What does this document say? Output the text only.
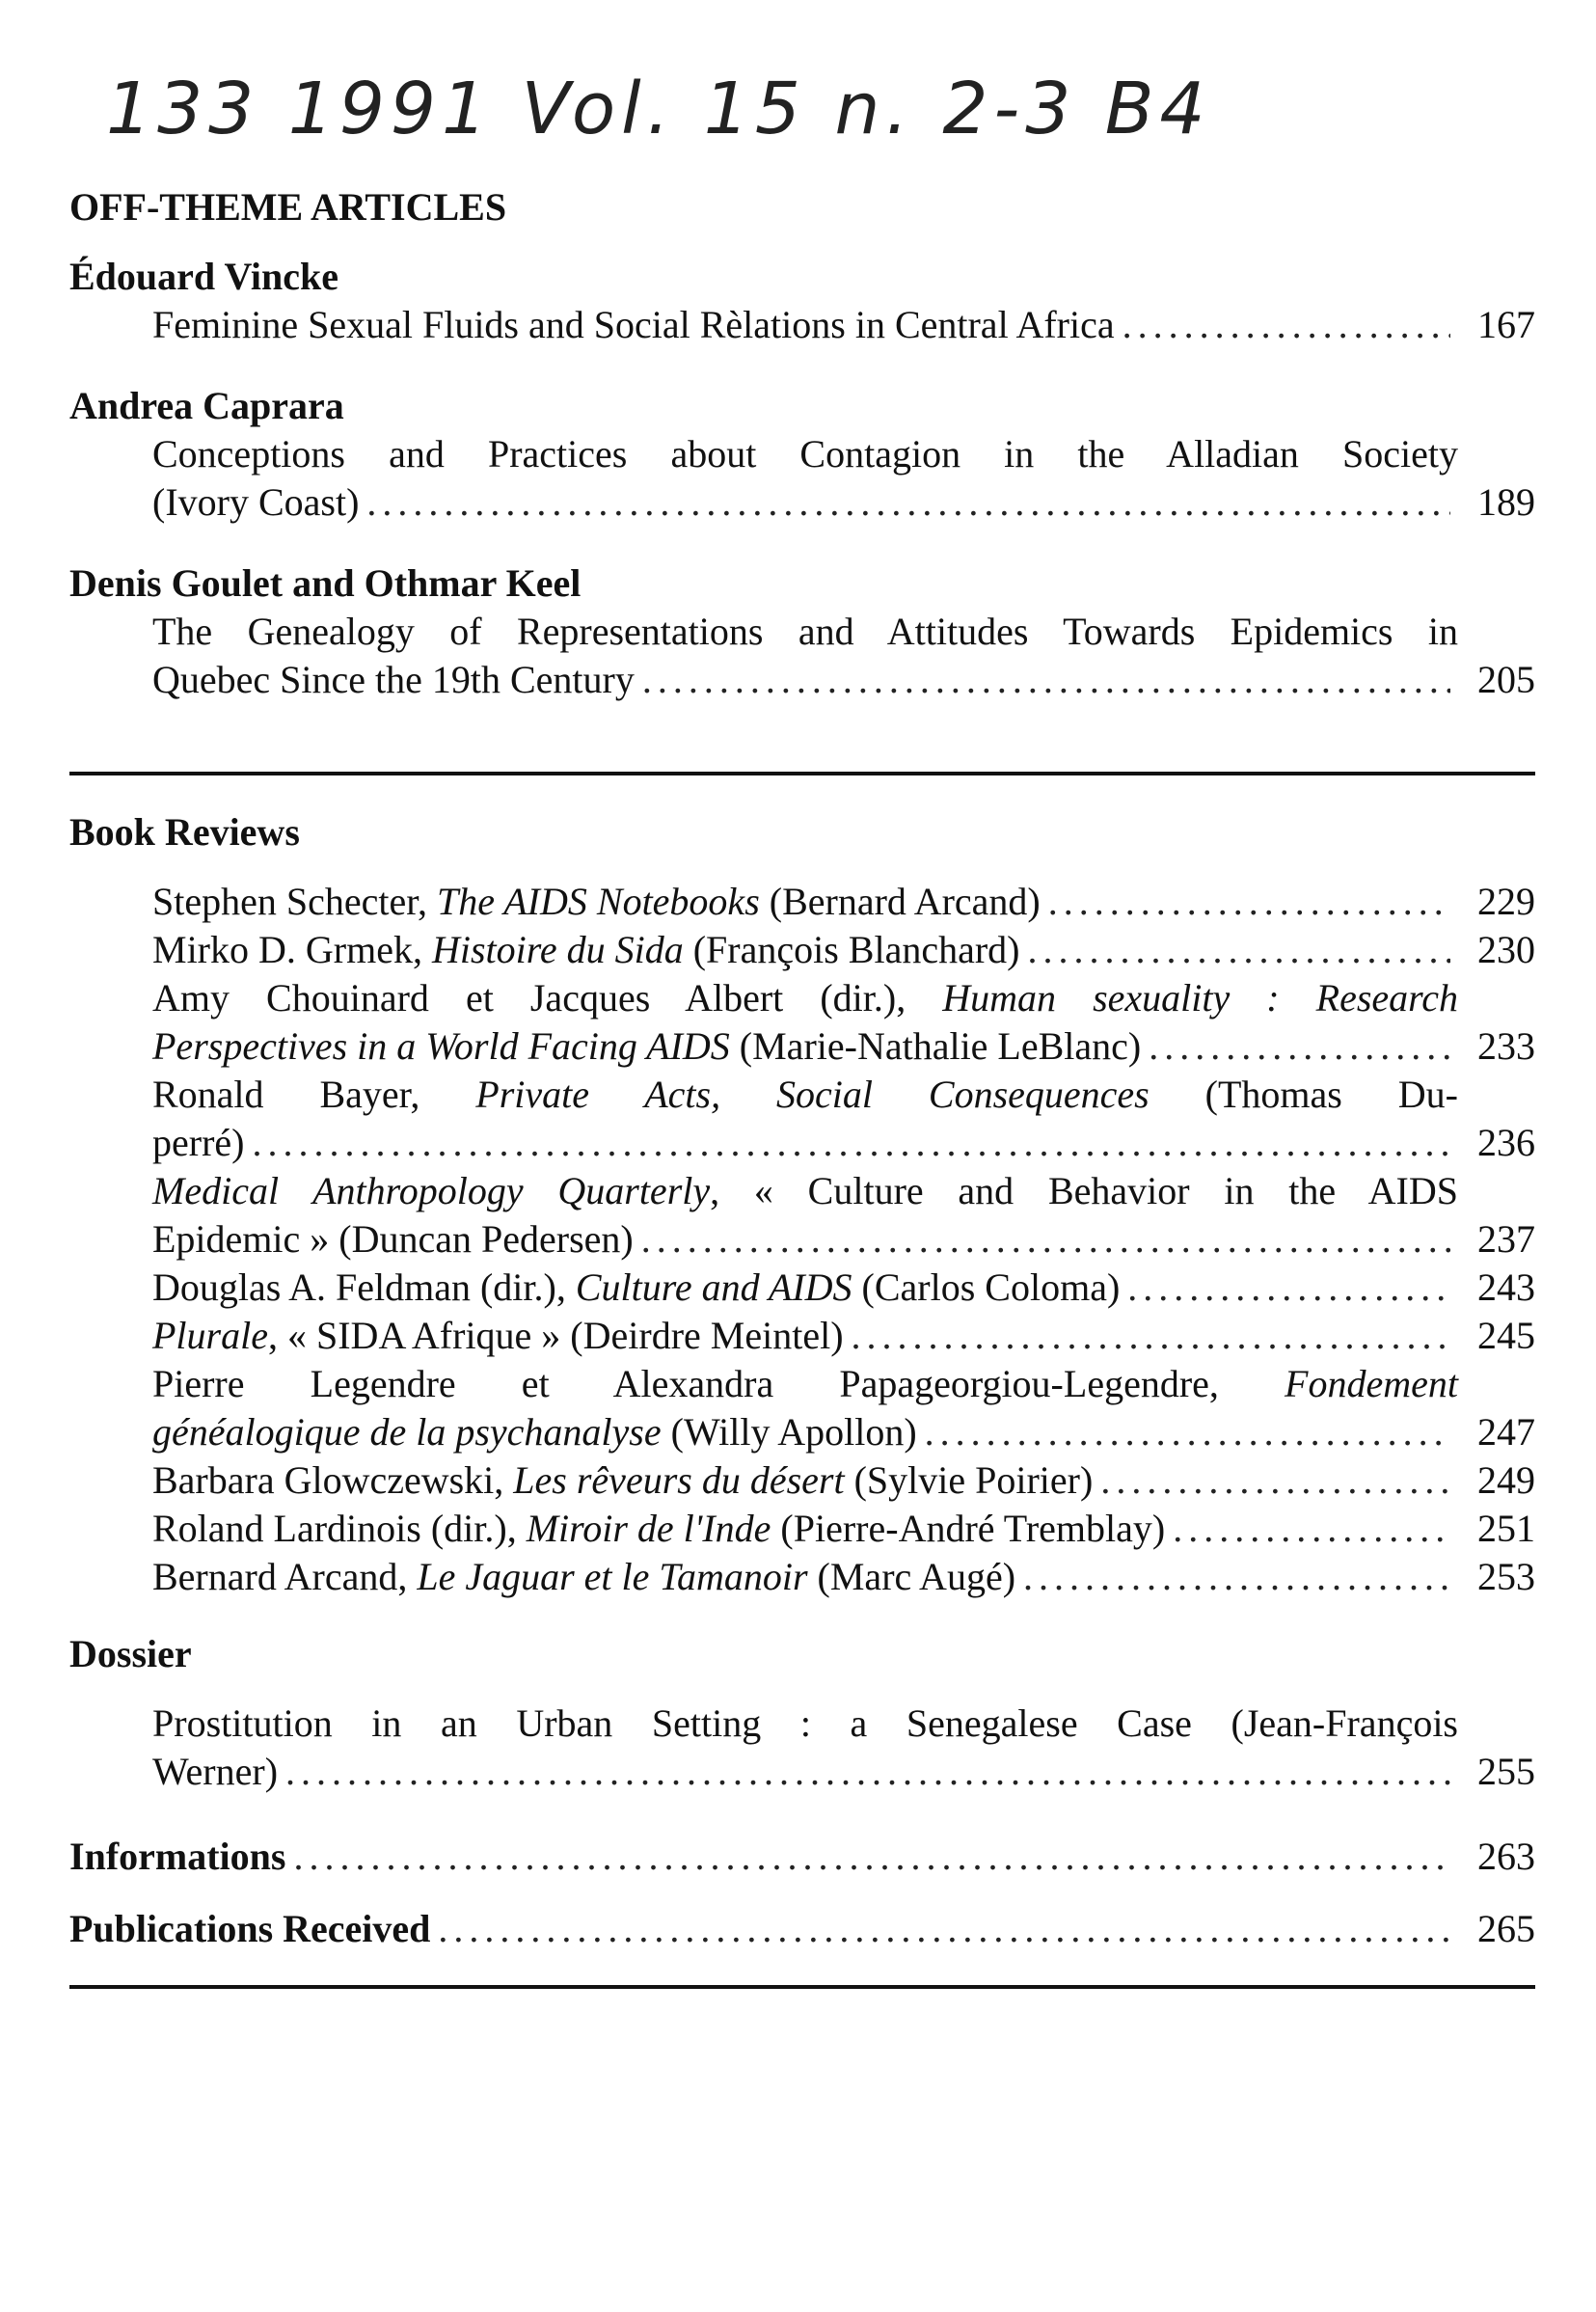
133 1991 Vol. 15 n. 2-3 B4
OFF-THEME ARTICLES
Édouard Vincke
Feminine Sexual Fluids and Social Rèlations in Central Africa .....	167
Andrea Caprara
Conceptions and Practices about Contagion in the Alladian Society
(Ivory Coast) .....	189
Denis Goulet and Othmar Keel
The Genealogy of Representations and Attitudes Towards Epidemics in
Quebec Since the 19th Century .....	205
Book Reviews
Stephen Schecter, The AIDS Notebooks (Bernard Arcand) .....	229
Mirko D. Grmek, Histoire du Sida (François Blanchard) .....	230
Amy Chouinard et Jacques Albert (dir.), Human sexuality : Research
Perspectives in a World Facing AIDS (Marie-Nathalie LeBlanc) .....	233
Ronald Bayer, Private Acts, Social Consequences (Thomas Du-
perré) .....	236
Medical Anthropology Quarterly, « Culture and Behavior in the AIDS
Epidemic » (Duncan Pedersen) .....	237
Douglas A. Feldman (dir.), Culture and AIDS (Carlos Coloma) .....	243
Plurale, « SIDA Afrique » (Deirdre Meintel) .....	245
Pierre Legendre et Alexandra Papageorgiou-Legendre, Fondement
généalogique de la psychanalyse (Willy Apollon) .....	247
Barbara Glowczewski, Les rêveurs du désert (Sylvie Poirier) .....	249
Roland Lardinois (dir.), Miroir de l'Inde (Pierre-André Tremblay) .....	251
Bernard Arcand, Le Jaguar et le Tamanoir (Marc Augé) .....	253
Dossier
Prostitution in an Urban Setting : a Senegalese Case (Jean-François
Werner) .....	255
Informations .....	263
Publications Received .....	265
